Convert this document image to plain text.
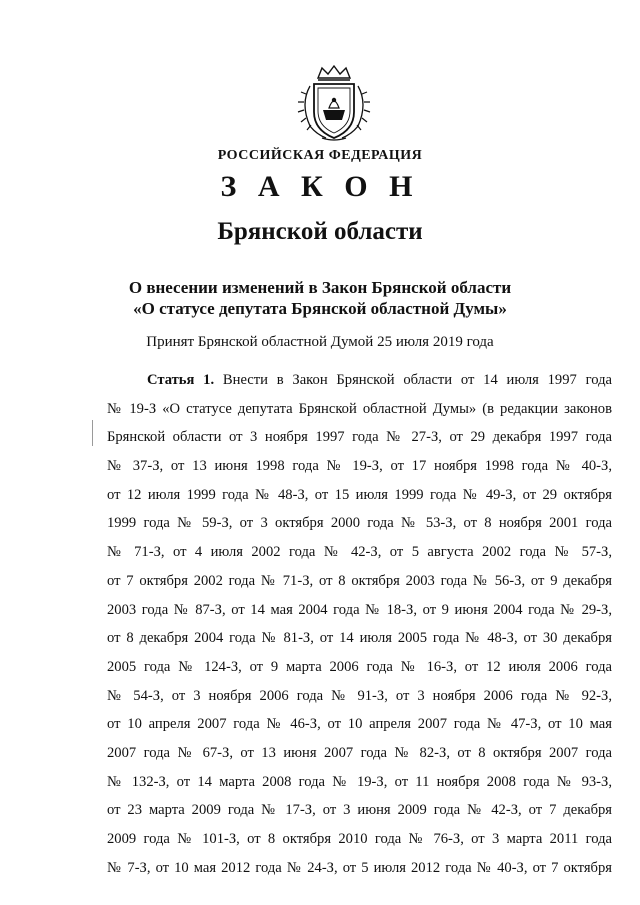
РОССИЙСКАЯ ФЕДЕРАЦИЯ
З А К О Н
Брянской области
О внесении изменений в Закон Брянской области
«О статусе депутата Брянской областной Думы»
Принят Брянской областной Думой 25 июля 2019 года
Статья 1. Внести в Закон Брянской области от 14 июля 1997 года
№ 19-З «О статусе депутата Брянской областной Думы» (в редакции законов
Брянской области от 3 ноября 1997 года № 27-З, от 29 декабря 1997 года
№ 37-З, от 13 июня 1998 года № 19-З, от 17 ноября 1998 года № 40-З,
от 12 июля 1999 года № 48-З, от 15 июля 1999 года № 49-З, от 29 октября
1999 года № 59-З, от 3 октября 2000 года № 53-З, от 8 ноября 2001 года
№ 71-З, от 4 июля 2002 года № 42-З, от 5 августа 2002 года № 57-З,
от 7 октября 2002 года № 71-З, от 8 октября 2003 года № 56-З, от 9 декабря
2003 года № 87-З, от 14 мая 2004 года № 18-З, от 9 июня 2004 года № 29-З,
от 8 декабря 2004 года № 81-З, от 14 июля 2005 года № 48-З, от 30 декабря
2005 года № 124-З, от 9 марта 2006 года № 16-З, от 12 июля 2006 года
№ 54-З, от 3 ноября 2006 года № 91-З, от 3 ноября 2006 года № 92-З,
от 10 апреля 2007 года № 46-З, от 10 апреля 2007 года № 47-З, от 10 мая
2007 года № 67-З, от 13 июня 2007 года № 82-З, от 8 октября 2007 года
№ 132-З, от 14 марта 2008 года № 19-З, от 11 ноября 2008 года № 93-З,
от 23 марта 2009 года № 17-З, от 3 июня 2009 года № 42-З, от 7 декабря
2009 года № 101-З, от 8 октября 2010 года № 76-З, от 3 марта 2011 года
№ 7-З, от 10 мая 2012 года № 24-З, от 5 июля 2012 года № 40-З, от 7 октября
